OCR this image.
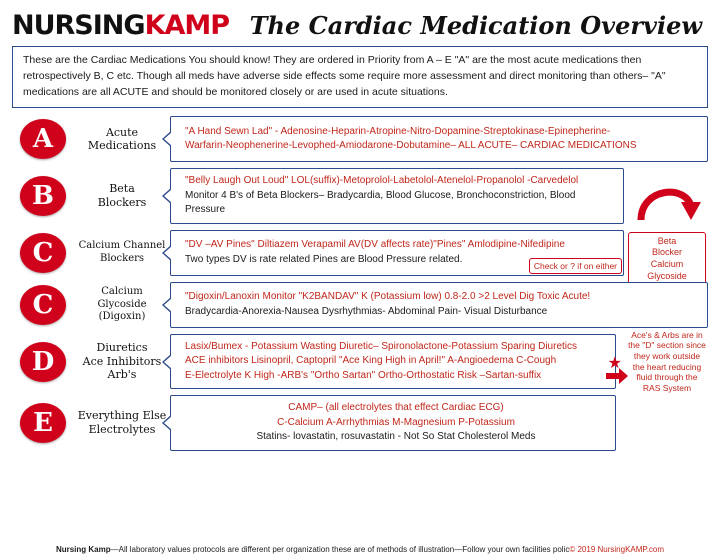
NURSINGKAMP The Cardiac Medication Overview

These are the Cardiac Medications You should know! They are ordered in Priority from A – E "A" are the most acute medications then retrospectively B, C etc. Though all meds have adverse side effects some require more assessment and direct monitoring than others– "A" medications are all ACUTE and should be monitored closely or are used in acute situations.

A	Acute
Medications
"A Hand Sewn Lad" - Adenosine-Heparin-Atropine-Nitro-Dopamine-Streptokinase-Epinepherine-
Warfarin-Neophenerine-Levophed-Amiodarone-Dobutamine– ALL ACUTE– CARDIAC MEDICATIONS
B	Beta
Blockers
"Belly Laugh Out Loud" LOL(suffix)-Metoprolol-Labetolol-Atenelol-Propanolol -Carvedelol
Monitor 4 B's of Beta Blockers– Bradycardia, Blood Glucose, Bronchoconstriction, Blood Pressure
C	Calcium Channel
Blockers
"DV –AV Pines" Diltiazem Verapamil AV(DV affects rate)"Pines" Amlodipine-Nifedipine
Two types DV is rate related Pines are Blood Pressure related.
Beta
Blocker
Calcium
Glycoside
Check or ? if on either
C	Calcium
Glycoside (Digoxin)
"Digoxin/Lanoxin Monitor "K2BANDAV" K (Potassium low) 0.8-2.0 >2 Level Dig Toxic Acute!
Bradycardia-Anorexia-Nausea Dysrhythmias- Abdominal Pain- Visual Disturbance
D	Diuretics
Ace Inhibitors
Arb's
Lasix/Bumex - Potassium Wasting Diuretic– Spironolactone-Potassium Sparing Diuretics
ACE inhibitors Lisinopril, Captopril "Ace King High in April!" A-Angioedema C-Cough
E-Electrolyte K High -ARB's "Ortho Sartan" Ortho-Orthostatic Risk –Sartan-suffix
★
Ace's & Arbs are in the "D" section since they work outside the heart reducing fluid through the RAS System
E	Everything Else
Electrolytes
CAMP– (all electrolytes that effect Cardiac ECG)
C-Calcium A-Arrhythmias M-Magnesium P-Potassium
Statins- lovastatin, rosuvastatin - Not So Stat Cholesterol Meds
Nursing Kamp—All laboratory values protocols are different per organization these are of methods of illustration—Follow your own facilities polic© 2019 NursingKAMP.com
